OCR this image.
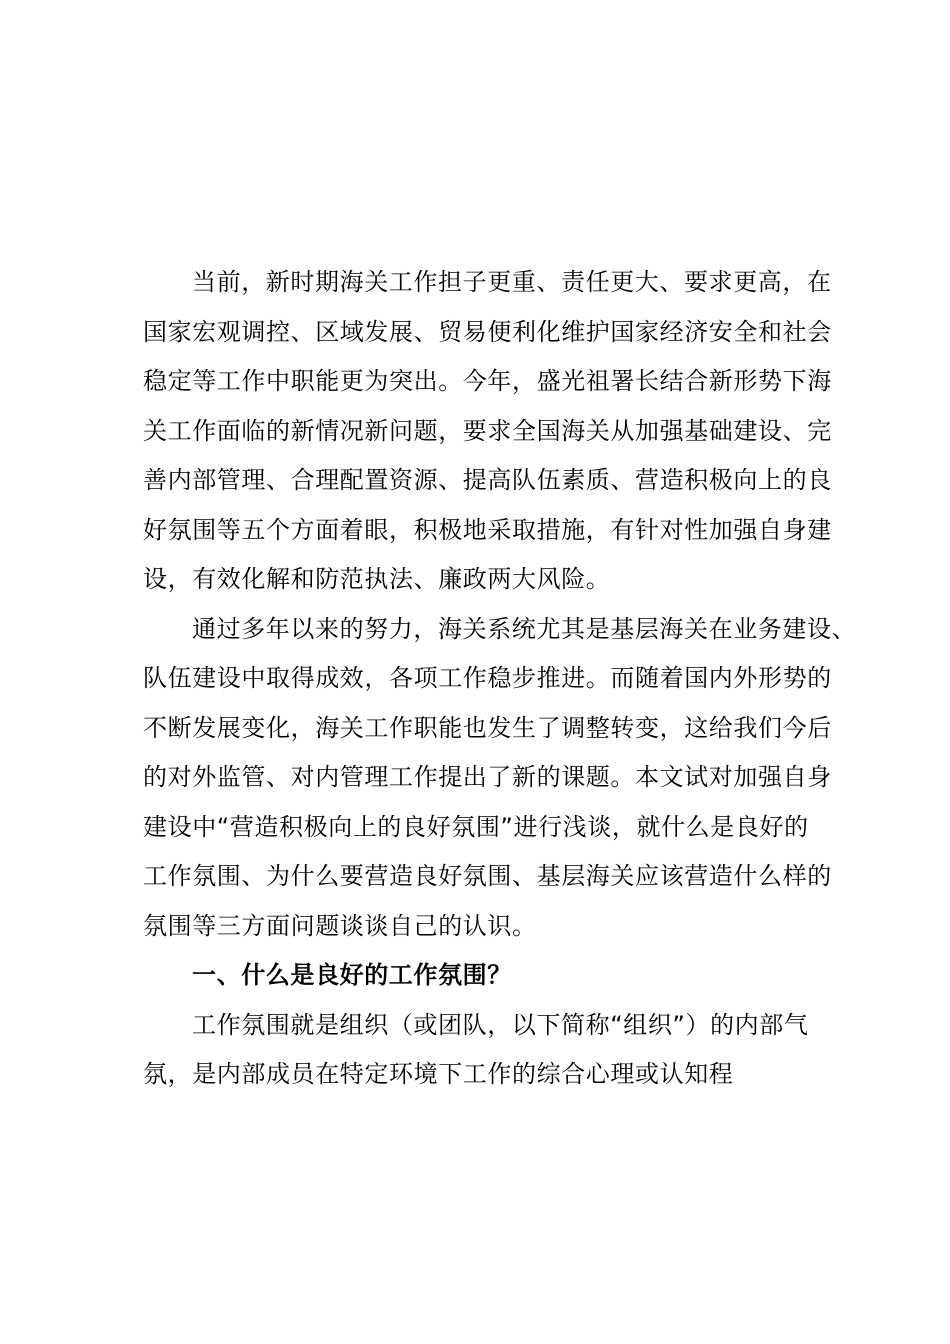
当前，新时期海关工作担子更重、责任更大、要求更高，在
国家宏观调控、区域发展、贸易便利化维护国家经济安全和社会
稳定等工作中职能更为突出。今年，盛光祖署长结合新形势下海
关工作面临的新情况新问题，要求全国海关从加强基础建设、完
善内部管理、合理配置资源、提高队伍素质、营造积极向上的良
好氛围等五个方面着眼，积极地采取措施，有针对性加强自身建
设，有效化解和防范执法、廉政两大风险。
通过多年以来的努力，海关系统尤其是基层海关在业务建设、
队伍建设中取得成效，各项工作稳步推进。而随着国内外形势的
不断发展变化，海关工作职能也发生了调整转变，这给我们今后
的对外监管、对内管理工作提出了新的课题。本文试对加强自身
建设中“营造积极向上的良好氛围”进行浅谈，就什么是良好的
工作氛围、为什么要营造良好氛围、基层海关应该营造什么样的
氛围等三方面问题谈谈自己的认识。
一、什么是良好的工作氛围？
工作氛围就是组织（或团队，以下简称“组织”）的内部气
氛，是内部成员在特定环境下工作的综合心理或认知程
